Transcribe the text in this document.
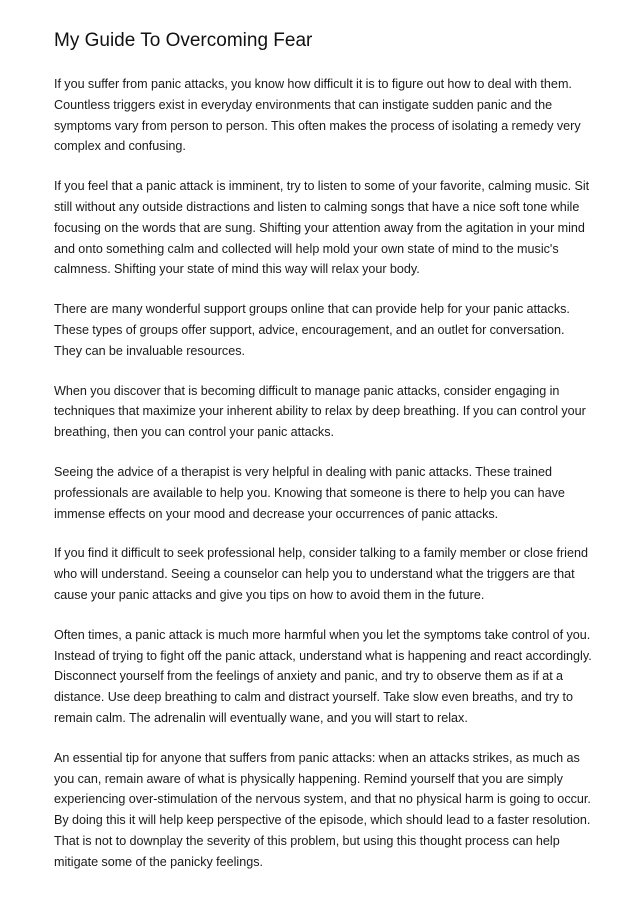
My Guide To Overcoming Fear

If you suffer from panic attacks, you know how difficult it is to figure out how to deal with them. Countless triggers exist in everyday environments that can instigate sudden panic and the symptoms vary from person to person. This often makes the process of isolating a remedy very complex and confusing.

If you feel that a panic attack is imminent, try to listen to some of your favorite, calming music. Sit still without any outside distractions and listen to calming songs that have a nice soft tone while focusing on the words that are sung. Shifting your attention away from the agitation in your mind and onto something calm and collected will help mold your own state of mind to the music's calmness. Shifting your state of mind this way will relax your body.

There are many wonderful support groups online that can provide help for your panic attacks. These types of groups offer support, advice, encouragement, and an outlet for conversation. They can be invaluable resources.

When you discover that is becoming difficult to manage panic attacks, consider engaging in techniques that maximize your inherent ability to relax by deep breathing. If you can control your breathing, then you can control your panic attacks.

Seeing the advice of a therapist is very helpful in dealing with panic attacks. These trained professionals are available to help you. Knowing that someone is there to help you can have immense effects on your mood and decrease your occurrences of panic attacks.

If you find it difficult to seek professional help, consider talking to a family member or close friend who will understand. Seeing a counselor can help you to understand what the triggers are that cause your panic attacks and give you tips on how to avoid them in the future.

Often times, a panic attack is much more harmful when you let the symptoms take control of you. Instead of trying to fight off the panic attack, understand what is happening and react accordingly. Disconnect yourself from the feelings of anxiety and panic, and try to observe them as if at a distance. Use deep breathing to calm and distract yourself. Take slow even breaths, and try to remain calm. The adrenalin will eventually wane, and you will start to relax.

An essential tip for anyone that suffers from panic attacks: when an attacks strikes, as much as you can, remain aware of what is physically happening. Remind yourself that you are simply experiencing over-stimulation of the nervous system, and that no physical harm is going to occur. By doing this it will help keep perspective of the episode, which should lead to a faster resolution. That is not to downplay the severity of this problem, but using this thought process can help mitigate some of the panicky feelings.
